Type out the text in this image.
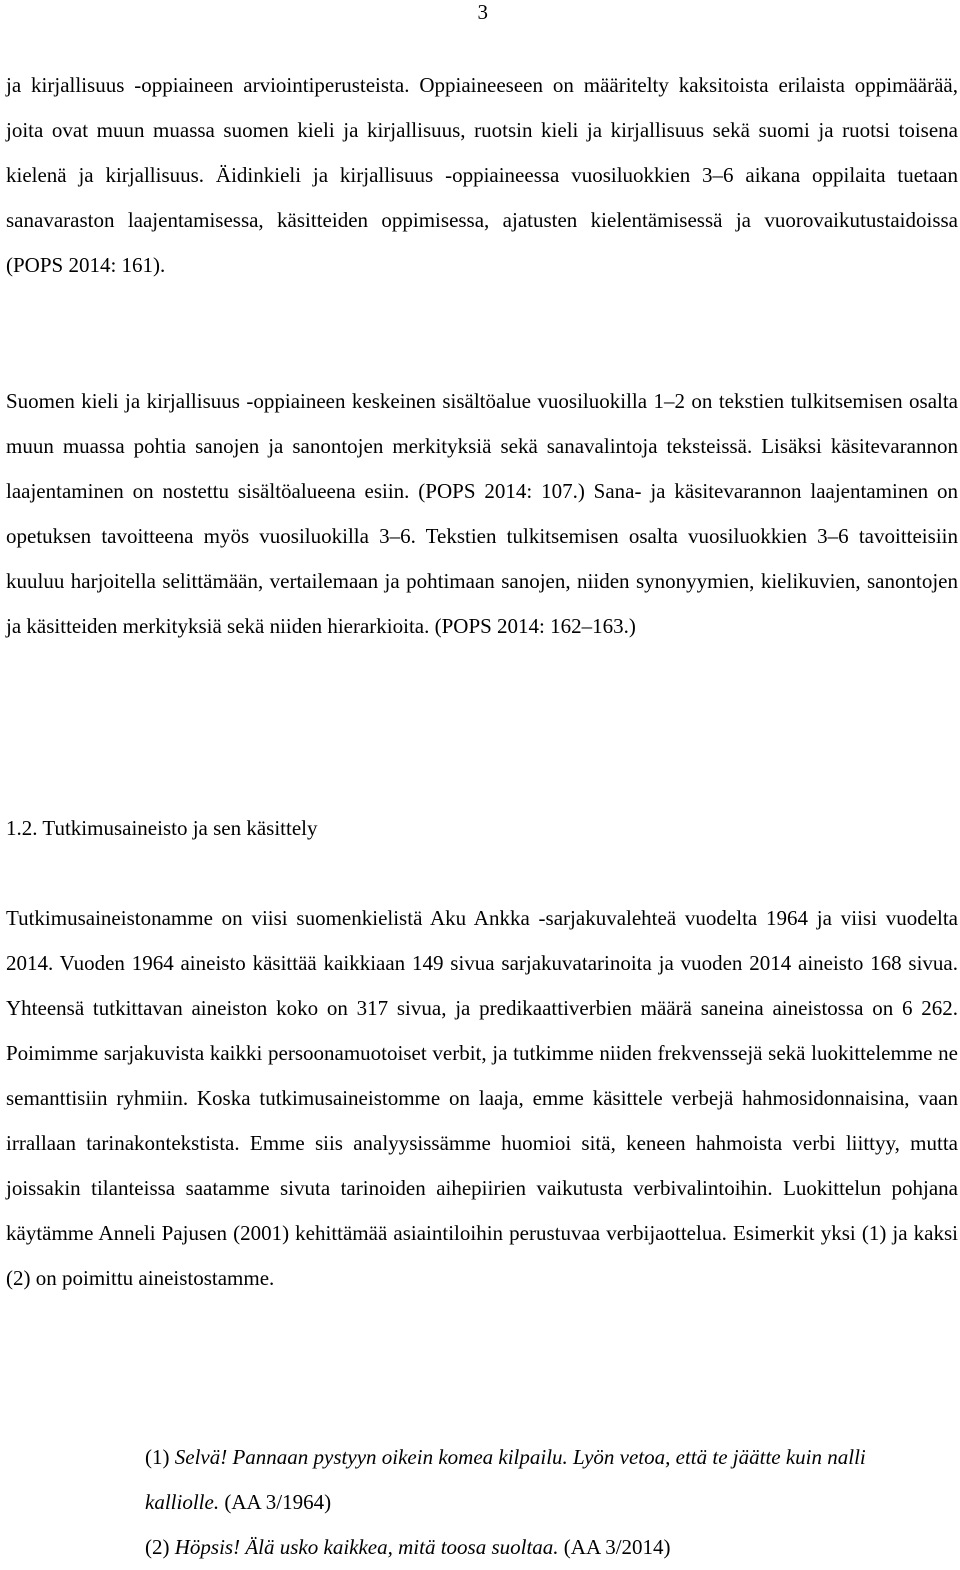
3

ja kirjallisuus -oppiaineen arviointiperusteista. Oppiaineeseen on määritelty kaksitoista erilaista oppimäärää, joita ovat muun muassa suomen kieli ja kirjallisuus, ruotsin kieli ja kirjallisuus sekä suomi ja ruotsi toisena kielenä ja kirjallisuus. Äidinkieli ja kirjallisuus -oppiaineessa vuosiluokkien 3–6 aikana oppilaita tuetaan sanavaraston laajentamisessa, käsitteiden oppimisessa, ajatusten kielentämisessä ja vuorovaikutustaidoissa (POPS 2014: 161).

Suomen kieli ja kirjallisuus -oppiaineen keskeinen sisältöalue vuosiluokilla 1–2 on tekstien tulkitsemisen osalta muun muassa pohtia sanojen ja sanontojen merkityksiä sekä sanavalintoja teksteissä. Lisäksi käsitevarannon laajentaminen on nostettu sisältöalueena esiin. (POPS 2014: 107.) Sana- ja käsitevarannon laajentaminen on opetuksen tavoitteena myös vuosiluokilla 3–6. Tekstien tulkitsemisen osalta vuosiluokkien 3–6 tavoitteisiin kuuluu harjoitella selittämään, vertailemaan ja pohtimaan sanojen, niiden synonyymien, kielikuvien, sanontojen ja käsitteiden merkityksiä sekä niiden hierarkioita. (POPS 2014: 162–163.)

1.2. Tutkimusaineisto ja sen käsittely

Tutkimusaineistonamme on viisi suomenkielistä Aku Ankka -sarjakuvalehteä vuodelta 1964 ja viisi vuodelta 2014. Vuoden 1964 aineisto käsittää kaikkiaan 149 sivua sarjakuvatarinoita ja vuoden 2014 aineisto 168 sivua. Yhteensä tutkittavan aineiston koko on 317 sivua, ja predikaattiverbien määrä saneina aineistossa on 6 262. Poimimme sarjakuvista kaikki persoonamuotoiset verbit, ja tutkimme niiden frekvenssejä sekä luokittelemme ne semanttisiin ryhmiin. Koska tutkimusaineistomme on laaja, emme käsittele verbejä hahmosidonnaisina, vaan irrallaan tarinakontekstista. Emme siis analyysissämme huomioi sitä, keneen hahmoista verbi liittyy, mutta joissakin tilanteissa saatamme sivuta tarinoiden aihepiirien vaikutusta verbivalintoihin. Luokittelun pohjana käytämme Anneli Pajusen (2001) kehittämää asiaintiloihin perustuvaa verbijaottelua. Esimerkit yksi (1) ja kaksi (2) on poimittu aineistostamme.

(1) Selvä! Pannaan pystyyn oikein komea kilpailu. Lyön vetoa, että te jäätte kuin nalli kalliolle. (AA 3/1964)

(2) Höpsis! Älä usko kaikkea, mitä toosa suoltaa. (AA 3/2014)
